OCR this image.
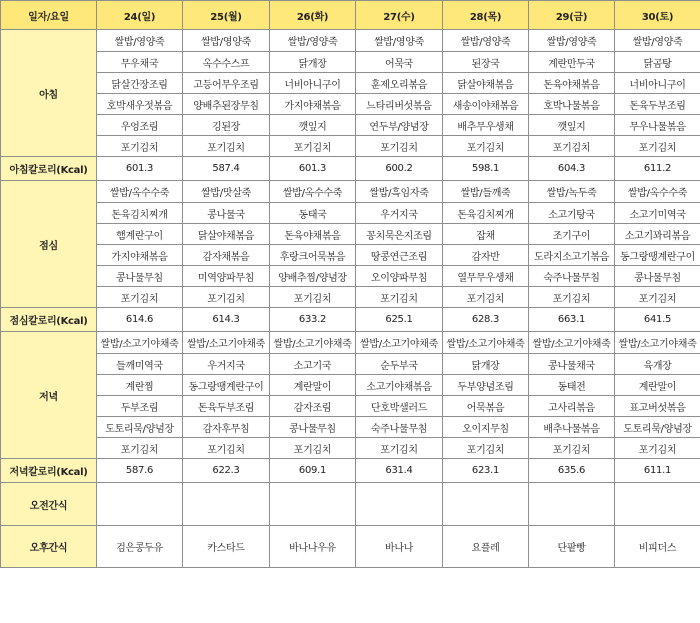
일자/요일	24(일)	25(월)	26(화)	27(수)	28(목)	29(금)	30(토)
아침	쌀밥/영양죽	쌀밥/영양죽	쌀밥/영양죽	쌀밥/영양죽	쌀밥/영양죽	쌀밥/영양죽	쌀밥/영양죽
	무우채국	옥수수스프	닭개장	어묵국	된장국	계란만두국	닭곰탕
	닭살간장조림	고등어무우조림	너비아니구이	훈제오리볶음	닭살야채볶음	돈육야채볶음	너비아니구이
	호박새우젓볶음	양배추된장무침	가지야채볶음	느타리버섯볶음	새송이야채볶음	호박나물볶음	돈육두부조림
	우엉조림	깅된장	깻잎지	연두부/양념장	배추무우생채	깻잎지	무우나물볶음
	포기김치	포기김치	포기김치	포기김치	포기김치	포기김치	포기김치
아침칼로리(Kcal)	601.3	587.4	601.3	600.2	598.1	604.3	611.2
점심	쌀밥/옥수수죽	쌀밥/맛살죽	쌀밥/옥수수죽	쌀밥/흑임자죽	쌀밥/들깨죽	쌀밥/녹두죽	쌀밥/옥수수죽
	돈육김치찌개	콩나물국	동태국	우거지국	돈육김치찌개	소고기탕국	소고기미역국
	햄계란구이	닭살야채볶음	돈육야채볶음	꽁치묵은지조림	잡채	조기구이	소고기꽈리볶음
	가지야채볶음	감자채볶음	후랑크어묵볶음	땅콩연근조림	감자반	도라지소고기볶음	동그랑땡계란구이
	콩나물무침	미역양파무침	양배추찜/양념장	오이양파무침	열무무우생채	숙주나물무침	콩나물무침
	포기김치	포기김치	포기김치	포기김치	포기김치	포기김치	포기김치
점심칼로리(Kcal)	614.6	614.3	633.2	625.1	628.3	663.1	641.5
저녁	쌀밥/소고기야채죽	쌀밥/소고기야채죽	쌀밥/소고기야채죽	쌀밥/소고기야채죽	쌀밥/소고기야채죽	쌀밥/소고기야채죽	쌀밥/소고기야채죽
	들깨미역국	우거지국	소고기국	순두부국	닭개장	콩나물채국	육개장
	계란찜	동그랑땡계란구이	계란말이	소고기야채볶음	두부양념조림	동태전	계란말이
	두부조림	돈육두부조림	감자조림	단호박샐러드	어묵볶음	고사리볶음	표고버섯볶음
	도토리묵/양념장	감자후무침	콩나물무침	숙주나물무침	오이지무침	배추나물볶음	도토리묵/양념장
	포기김치	포기김치	포기김치	포기김치	포기김치	포기김치	포기김치
저녁칼로리(Kcal)	587.6	622.3	609.1	631.4	623.1	635.6	611.1
오전간식							
오후간식	검은콩두유	카스타드	바나나우유	바나나	요플레	단팥빵	비피더스
